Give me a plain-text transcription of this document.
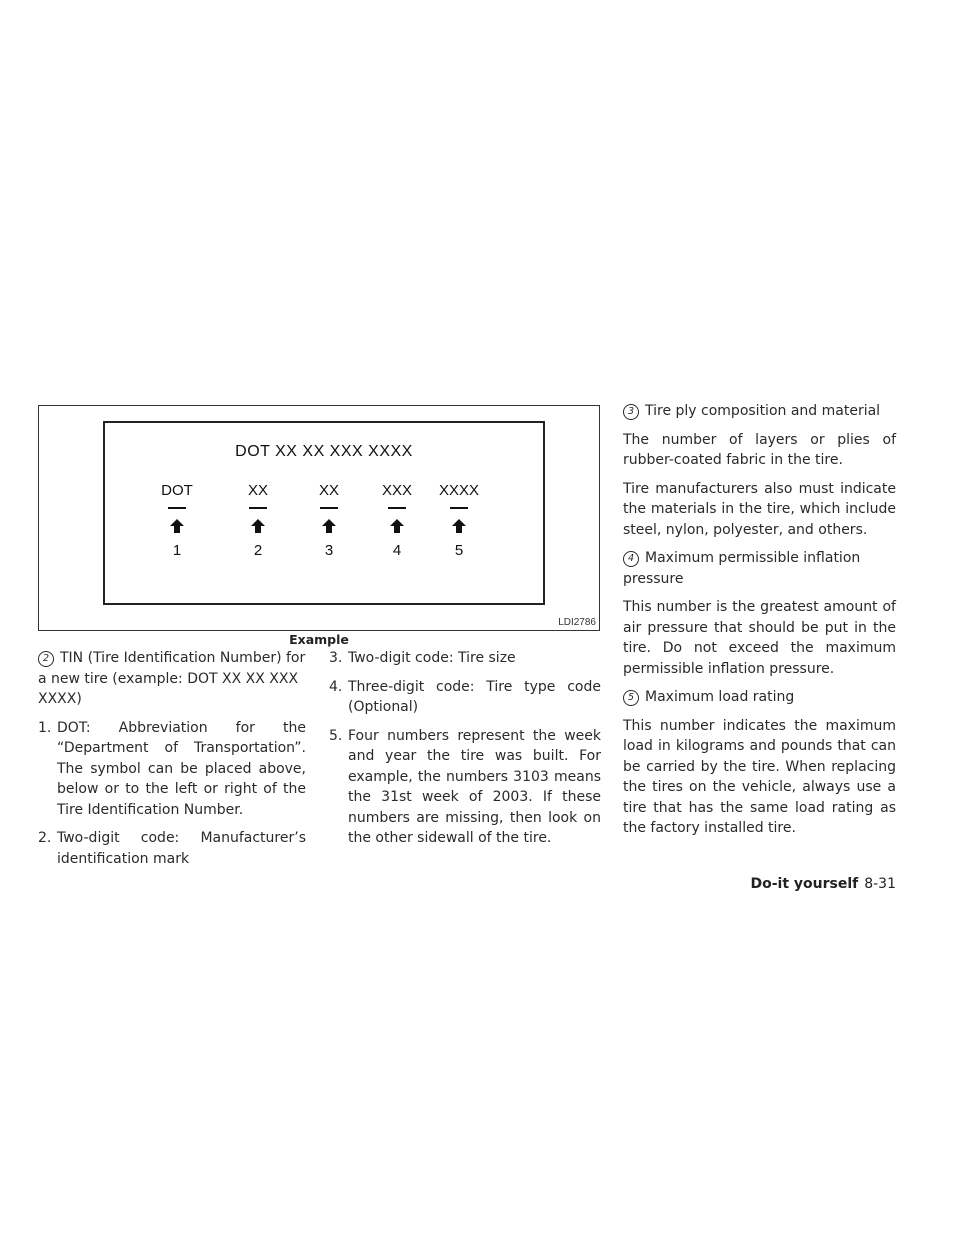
DOT XX XX XXX XXXX
DOT
1
XX
2
XX
3
XXX
4
XXXX
5
LDI2786
Example

2 TIN (Tire Identification Number) for a new tire (example: DOT XX XX XXX XXXX)

1. DOT: Abbreviation for the “Department of Transportation”. The symbol can be placed above, below or to the left or right of the Tire Identification Number.
2. Two-digit code: Manufacturer’s identification mark
3. Two-digit code: Tire size
4. Three-digit code: Tire type code (Optional)
5. Four numbers represent the week and year the tire was built. For example, the numbers 3103 means the 31st week of 2003. If these numbers are missing, then look on the other sidewall of the tire.

3 Tire ply composition and material

The number of layers or plies of rubber-coated fabric in the tire.

Tire manufacturers also must indicate the materials in the tire, which include steel, nylon, polyester, and others.

4 Maximum permissible inflation pressure

This number is the greatest amount of air pressure that should be put in the tire. Do not exceed the maximum permissible inflation pressure.

5 Maximum load rating

This number indicates the maximum load in kilograms and pounds that can be carried by the tire. When replacing the tires on the vehicle, always use a tire that has the same load rating as the factory installed tire.

Do-it yourself 8-31
